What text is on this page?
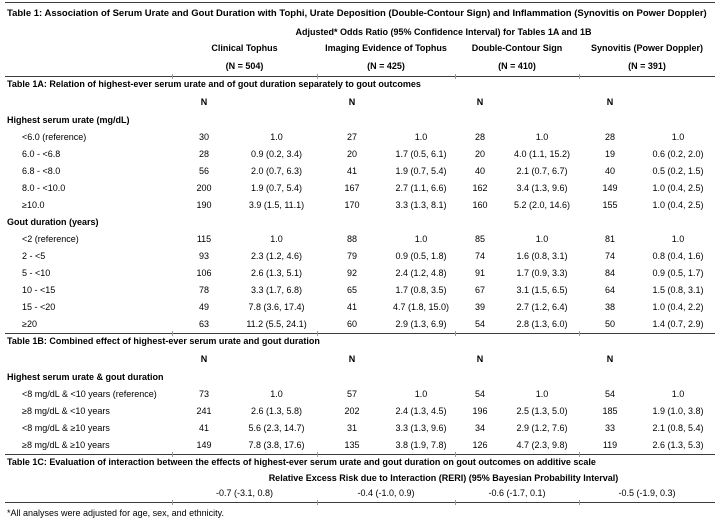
Table 1: Association of Serum Urate and Gout Duration with Tophi, Urate Deposition (Double-Contour Sign) and Inflammation (Synovitis on Power Doppler)
Adjusted* Odds Ratio (95% Confidence Interval) for Tables 1A and 1B
Clinical Tophus	Imaging Evidence of Tophus	Double-Contour Sign	Synovitis (Power Doppler)
(N = 504)	(N = 425)	(N = 410)	(N = 391)
Table 1A: Relation of highest-ever serum urate and of gout duration separately to gout outcomes
N	N	N	N
Highest serum urate (mg/dL)
<6.0 (reference)	30	1.0	27	1.0	28	1.0	28	1.0
6.0 - <6.8	28	0.9 (0.2, 3.4)	20	1.7 (0.5, 6.1)	20	4.0 (1.1, 15.2)	19	0.6 (0.2, 2.0)
6.8 - <8.0	56	2.0 (0.7, 6.3)	41	1.9 (0.7, 5.4)	40	2.1 (0.7, 6.7)	40	0.5 (0.2, 1.5)
8.0 - <10.0	200	1.9 (0.7, 5.4)	167	2.7 (1.1, 6.6)	162	3.4 (1.3, 9.6)	149	1.0 (0.4, 2.5)
≥10.0	190	3.9 (1.5, 11.1)	170	3.3 (1.3, 8.1)	160	5.2 (2.0, 14.6)	155	1.0 (0.4, 2.5)
Gout duration (years)
<2 (reference)	115	1.0	88	1.0	85	1.0	81	1.0
2 - <5	93	2.3 (1.2, 4.6)	79	0.9 (0.5, 1.8)	74	1.6 (0.8, 3.1)	74	0.8 (0.4, 1.6)
5 - <10	106	2.6 (1.3, 5.1)	92	2.4 (1.2, 4.8)	91	1.7 (0.9, 3.3)	84	0.9 (0.5, 1.7)
10 - <15	78	3.3 (1.7, 6.8)	65	1.7 (0.8, 3.5)	67	3.1 (1.5, 6.5)	64	1.5 (0.8, 3.1)
15 - <20	49	7.8 (3.6, 17.4)	41	4.7 (1.8, 15.0)	39	2.7 (1.2, 6.4)	38	1.0 (0.4, 2.2)
≥20	63	11.2 (5.5, 24.1)	60	2.9 (1.3, 6.9)	54	2.8 (1.3, 6.0)	50	1.4 (0.7, 2.9)
Table 1B: Combined effect of highest-ever serum urate and gout duration
N	N	N	N
Highest serum urate & gout duration
<8 mg/dL & <10 years (reference)	73	1.0	57	1.0	54	1.0	54	1.0
≥8 mg/dL & <10 years	241	2.6 (1.3, 5.8)	202	2.4 (1.3, 4.5)	196	2.5 (1.3, 5.0)	185	1.9 (1.0, 3.8)
<8 mg/dL & ≥10 years	41	5.6 (2.3, 14.7)	31	3.3 (1.3, 9.6)	34	2.9 (1.2, 7.6)	33	2.1 (0.8, 5.4)
≥8 mg/dL & ≥10 years	149	7.8 (3.8, 17.6)	135	3.8 (1.9, 7.8)	126	4.7 (2.3, 9.8)	119	2.6 (1.3, 5.3)
Table 1C: Evaluation of interaction between the effects of highest-ever serum urate and gout duration on gout outcomes on additive scale
Relative Excess Risk due to Interaction (RERI) (95% Bayesian Probability Interval)
-0.7 (-3.1, 0.8)	-0.4 (-1.0, 0.9)	-0.6 (-1.7, 0.1)	-0.5 (-1.9, 0.3)
*All analyses were adjusted for age, sex, and ethnicity.
